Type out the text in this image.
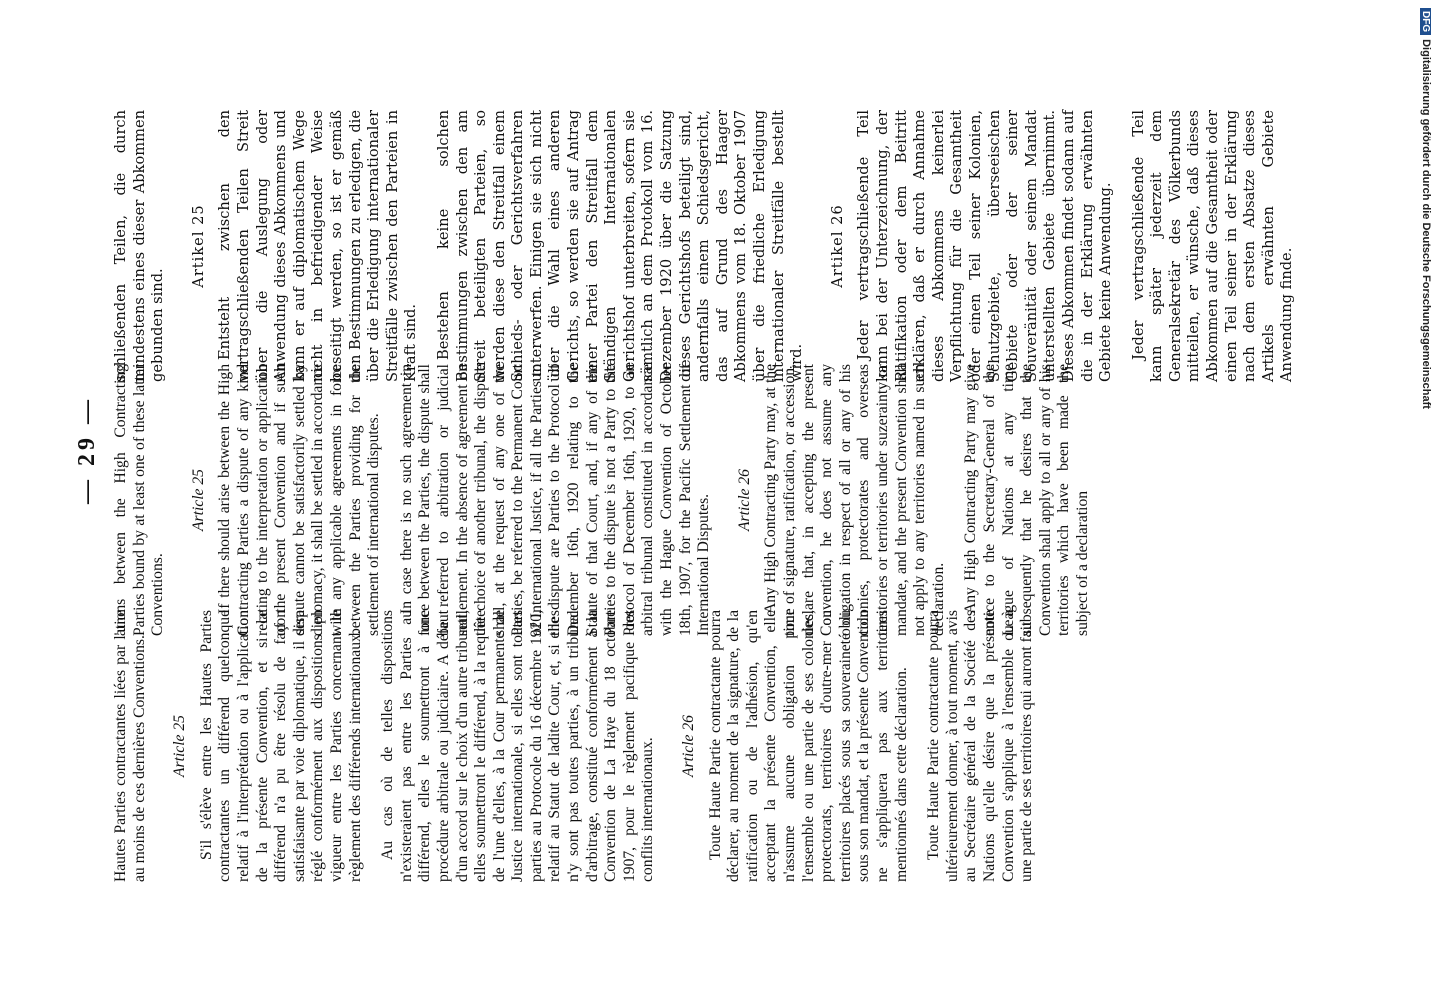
— 29 —

Hautes Parties contractantes liées par l'une au moins de ces dernières Conventions. Article 25 S'il s'élève entre les Hautes Parties contractantes un différend quelconque relatif à l'interprétation ou à l'application de la présente Convention, et si ce différend n'a pu être résolu de façon satisfaisante par voie diplomatique, il sera réglé conformément aux dispositions en vigueur entre les Parties concernant le règlement des différends internationaux. Au cas où de telles dispositions n'existeraient pas entre les Parties au différend, elles le soumettront à une procédure arbitrale ou judiciaire. A défaut d'un accord sur le choix d'un autre tribunal, elles soumettront le différend, à la requête de l'une d'elles, à la Cour permanente de Justice internationale, si elles sont toutes parties au Protocole du 16 décembre 1920, relatif au Statut de ladite Cour, et, si elles n'y sont pas toutes parties, à un tribunal d'arbitrage, constitué conformément à la Convention de La Haye du 18 octobre 1907, pour le règlement pacifique des conflits internationaux. Article 26 Toute Haute Partie contractante pourra déclarer, au moment de la signature, de la ratification ou de l'adhésion, qu'en acceptant la présente Convention, elle n'assume aucune obligation pour l'ensemble ou une partie de ses colonies, protectorats, territoires d'outre-mer ou territoires placés sous sa souveraineté ou sous son mandat, et la présente Convention ne s'appliquera pas aux territoires mentionnés dans cette déclaration. Toute Haute Partie contractante pourra ultérieurement donner, à tout moment, avis au Secrétaire général de la Société des Nations qu'elle désire que la présente Convention s'applique à l'ensemble ou à une partie de ses territoires qui auront fait

ations between the High Contracting Parties bound by at least one of these latter Conventions.

Article 25 If there should arise between the High Contracting Parties a dispute of any kind relating to the interpretation or application of the present Convention and if such dispute cannot be satisfactorily settled by diplomacy, it shall be settled in accordance with any applicable agreements in force between the Parties providing for the settlement of international disputes. In case there is no such agreement in force between the Parties, the dispute shall be referred to arbitration or judicial settlement. In the absence of agreement on the choice of another tribunal, the dispute shall, at the request of any one of the Parties, be referred to the Permanent Court of International Justice, if all the Parties to the dispute are Parties to the Protocol of December 16th, 1920 relating to the Statute of that Court, and, if any of the Parties to the dispute is not a Party to the Protocol of December 16th, 1920, to an arbitral tribunal constituted in accordance with the Hague Convention of October 18th, 1907, for the Pacific Settlement of International Disputes. Article 26 Any High Contracting Party may, at the time of signature, ratification, or accession, declare that, in accepting the present Convention, he does not assume any obligation in respect of all or any of his colonies, protectorates and overseas territories or territories under suzerainty or mandate, and the present Convention shall not apply to any territories named in such declaration. Any High Contracting Party may give notice to the Secretary-General of the League of Nations at any time subsequently that he desires that the Convention shall apply to all or any of his territories which have been made the subject of a declaration

schließenden Teilen, die durch mindestens eines dieser Abkommen gebunden sind.

Artikel 25 Entsteht zwischen den vertragschließenden Teilen Streit über die Auslegung oder Anwendung dieses Abkommens und kann er auf diplomatischem Wege nicht in befriedigender Weise beseitigt werden, so ist er gemäß den Bestimmungen zu erledigen, die über die Erledigung internationaler Streitfälle zwischen den Parteien in Kraft sind. Bestehen keine solchen Bestimmungen zwischen den am Streit beteiligten Parteien, so werden diese den Streitfall einem Schieds- oder Gerichtsverfahren unterwerfen. Einigen sie sich nicht über die Wahl eines anderen Gerichts, so werden sie auf Antrag einer Partei den Streitfall dem Ständigen Internationalen Gerichtshof unterbreiten, sofern sie sämtlich an dem Protokoll vom 16. Dezember 1920 über die Satzung dieses Gerichtshofs beteiligt sind, andernfalls einem Schiedsgericht, das auf Grund des Haager Abkommens vom 18. Oktober 1907 über die friedliche Erledigung internationaler Streitfälle bestellt wird.

Artikel 26 Jeder vertragschließende Teil kann bei der Unterzeichnung, der Ratifikation oder dem Beitritt erklären, daß er durch Annahme dieses Abkommens keinerlei Verpflichtung für die Gesamtheit oder einen Teil seiner Kolonien, Schutzgebiete, überseeischen Gebiete oder der seiner Souveränität oder seinem Mandat unterstellten Gebiete übernimmt. Dieses Abkommen findet sodann auf die in der Erklärung erwähnten Gebiete keine Anwendung. Jeder vertragschließende Teil kann später jederzeit dem Generalsekretär des Völkerbunds mitteilen, er wünsche, daß dieses Abkommen auf die Gesamtheit oder einen Teil seiner in der Erklärung nach dem ersten Absatze dieses Artikels erwähnten Gebiete Anwendung finde.

DFGDigitalisierung gefördert durch die Deutsche Forschungsgemeinschaft
